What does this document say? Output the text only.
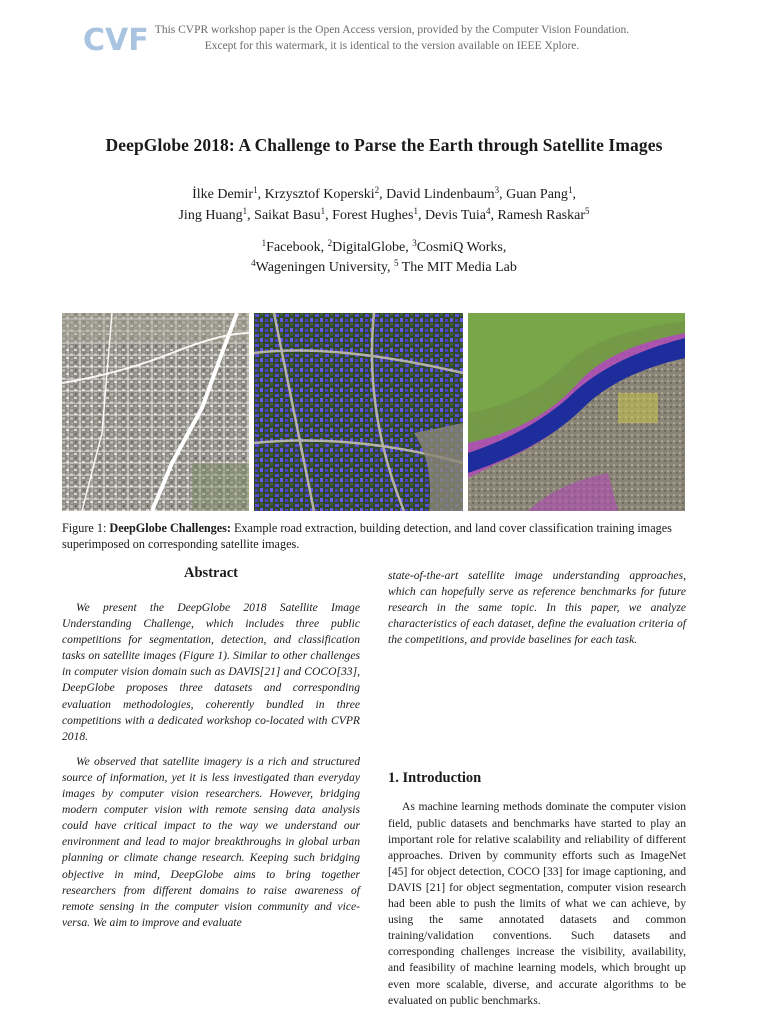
CVF This CVPR workshop paper is the Open Access version, provided by the Computer Vision Foundation.
Except for this watermark, it is identical to the version available on IEEE Xplore.
DeepGlobe 2018: A Challenge to Parse the Earth through Satellite Images
İlke Demir$^1$, Krzysztof Koperski$^2$, David Lindenbaum$^3$, Guan Pang$^1$,
Jing Huang$^1$, Saikat Basu$^1$, Forest Hughes$^1$, Devis Tuia$^4$, Ramesh Raskar$^5$
$^1$Facebook, $^2$DigitalGlobe, $^3$CosmiQ Works,
$^4$Wageningen University, $^5$ The MIT Media Lab
Figure 1: DeepGlobe Challenges: Example road extraction, building detection, and land cover classification training images superimposed on corresponding satellite images.
Abstract

We present the DeepGlobe 2018 Satellite Image Understanding Challenge, which includes three public competitions for segmentation, detection, and classification tasks on satellite images (Figure 1). Similar to other challenges in computer vision domain such as DAVIS[21] and COCO[33], DeepGlobe proposes three datasets and corresponding evaluation methodologies, coherently bundled in three competitions with a dedicated workshop co-located with CVPR 2018.

We observed that satellite imagery is a rich and structured source of information, yet it is less investigated than everyday images by computer vision researchers. However, bridging modern computer vision with remote sensing data analysis could have critical impact to the way we understand our environment and lead to major breakthroughs in global urban planning or climate change research. Keeping such bridging objective in mind, DeepGlobe aims to bring together researchers from different domains to raise awareness of remote sensing in the computer vision community and vice-versa. We aim to improve and evaluate

state-of-the-art satellite image understanding approaches, which can hopefully serve as reference benchmarks for future research in the same topic. In this paper, we analyze characteristics of each dataset, define the evaluation criteria of the competitions, and provide baselines for each task.

1. Introduction

As machine learning methods dominate the computer vision field, public datasets and benchmarks have started to play an important role for relative scalability and reliability of different approaches. Driven by community efforts such as ImageNet [45] for object detection, COCO [33] for image captioning, and DAVIS [21] for object segmentation, computer vision research had been able to push the limits of what we can achieve, by using the same annotated datasets and common training/validation conventions. Such datasets and corresponding challenges increase the visibility, availability, and feasibility of machine learning models, which brought up even more scalable, diverse, and accurate algorithms to be evaluated on public benchmarks.
